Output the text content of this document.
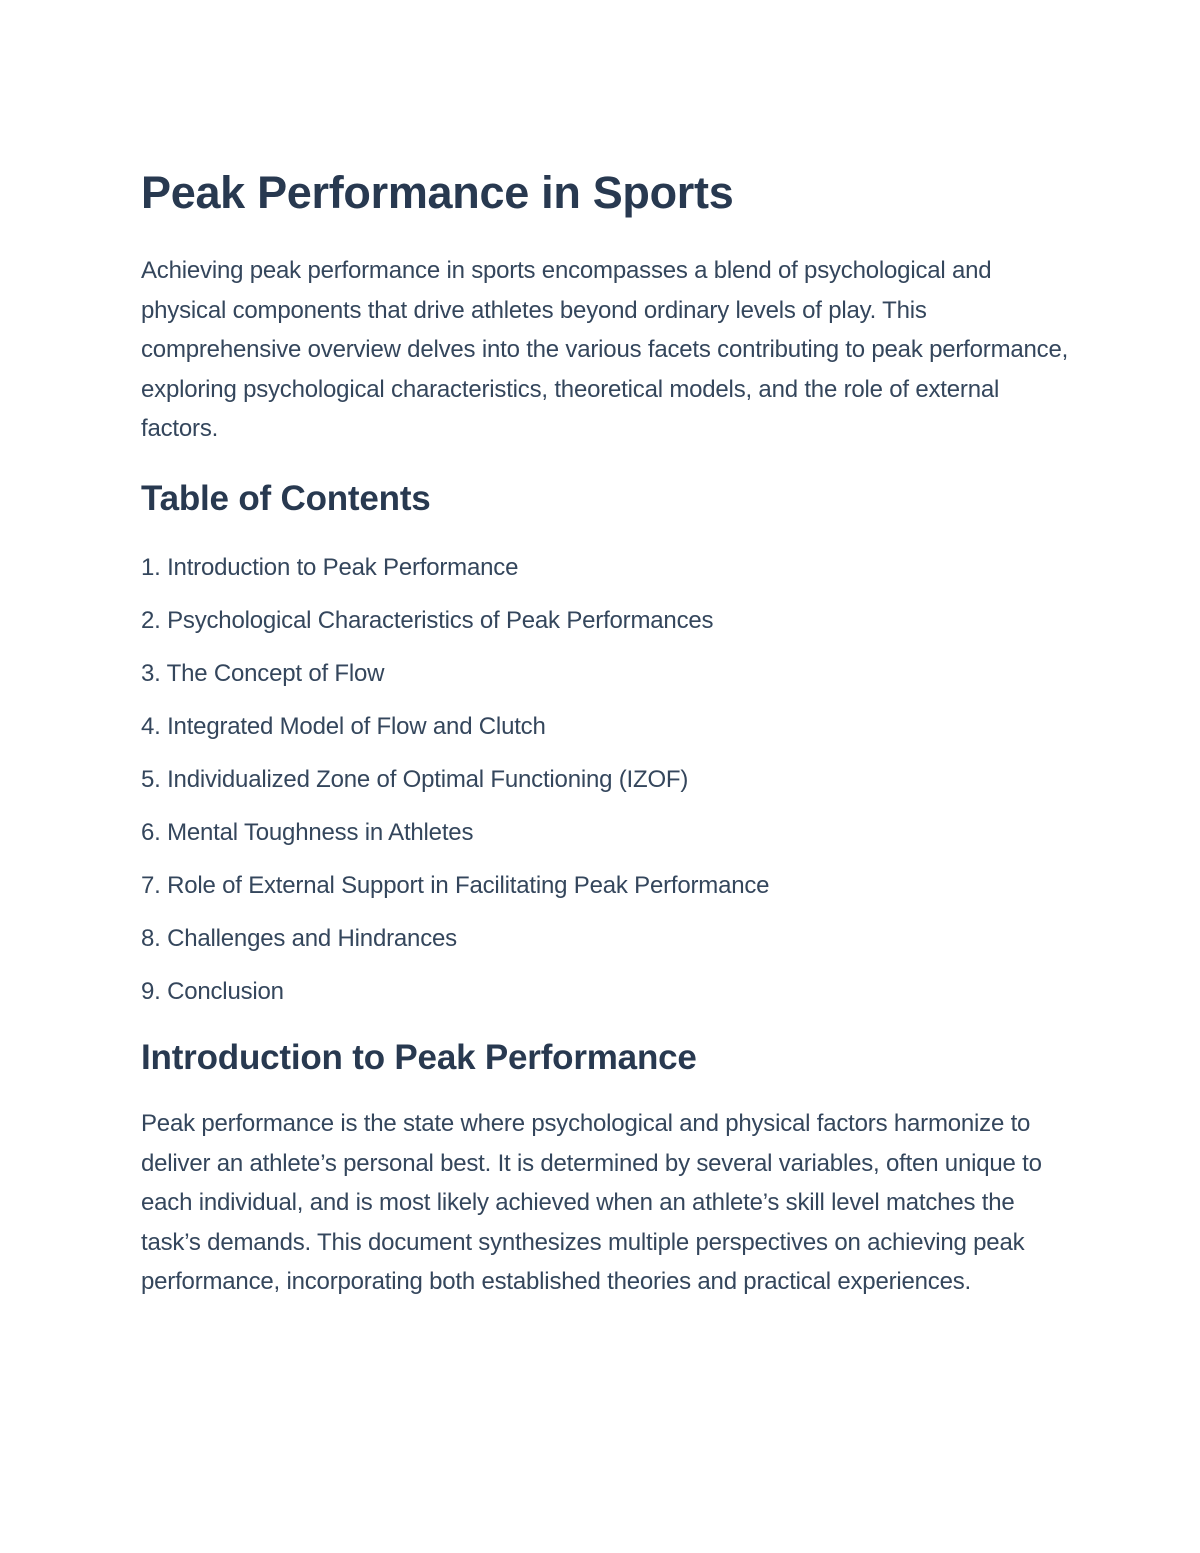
Peak Performance in Sports

Achieving peak performance in sports encompasses a blend of psychological and physical components that drive athletes beyond ordinary levels of play. This comprehensive overview delves into the various facets contributing to peak performance, exploring psychological characteristics, theoretical models, and the role of external factors.

Table of Contents
1. Introduction to Peak Performance
2. Psychological Characteristics of Peak Performances
3. The Concept of Flow
4. Integrated Model of Flow and Clutch
5. Individualized Zone of Optimal Functioning (IZOF)
6. Mental Toughness in Athletes
7. Role of External Support in Facilitating Peak Performance
8. Challenges and Hindrances
9. Conclusion
Introduction to Peak Performance

Peak performance is the state where psychological and physical factors harmonize to deliver an athlete’s personal best. It is determined by several variables, often unique to each individual, and is most likely achieved when an athlete’s skill level matches the task’s demands. This document synthesizes multiple perspectives on achieving peak performance, incorporating both established theories and practical experiences.
